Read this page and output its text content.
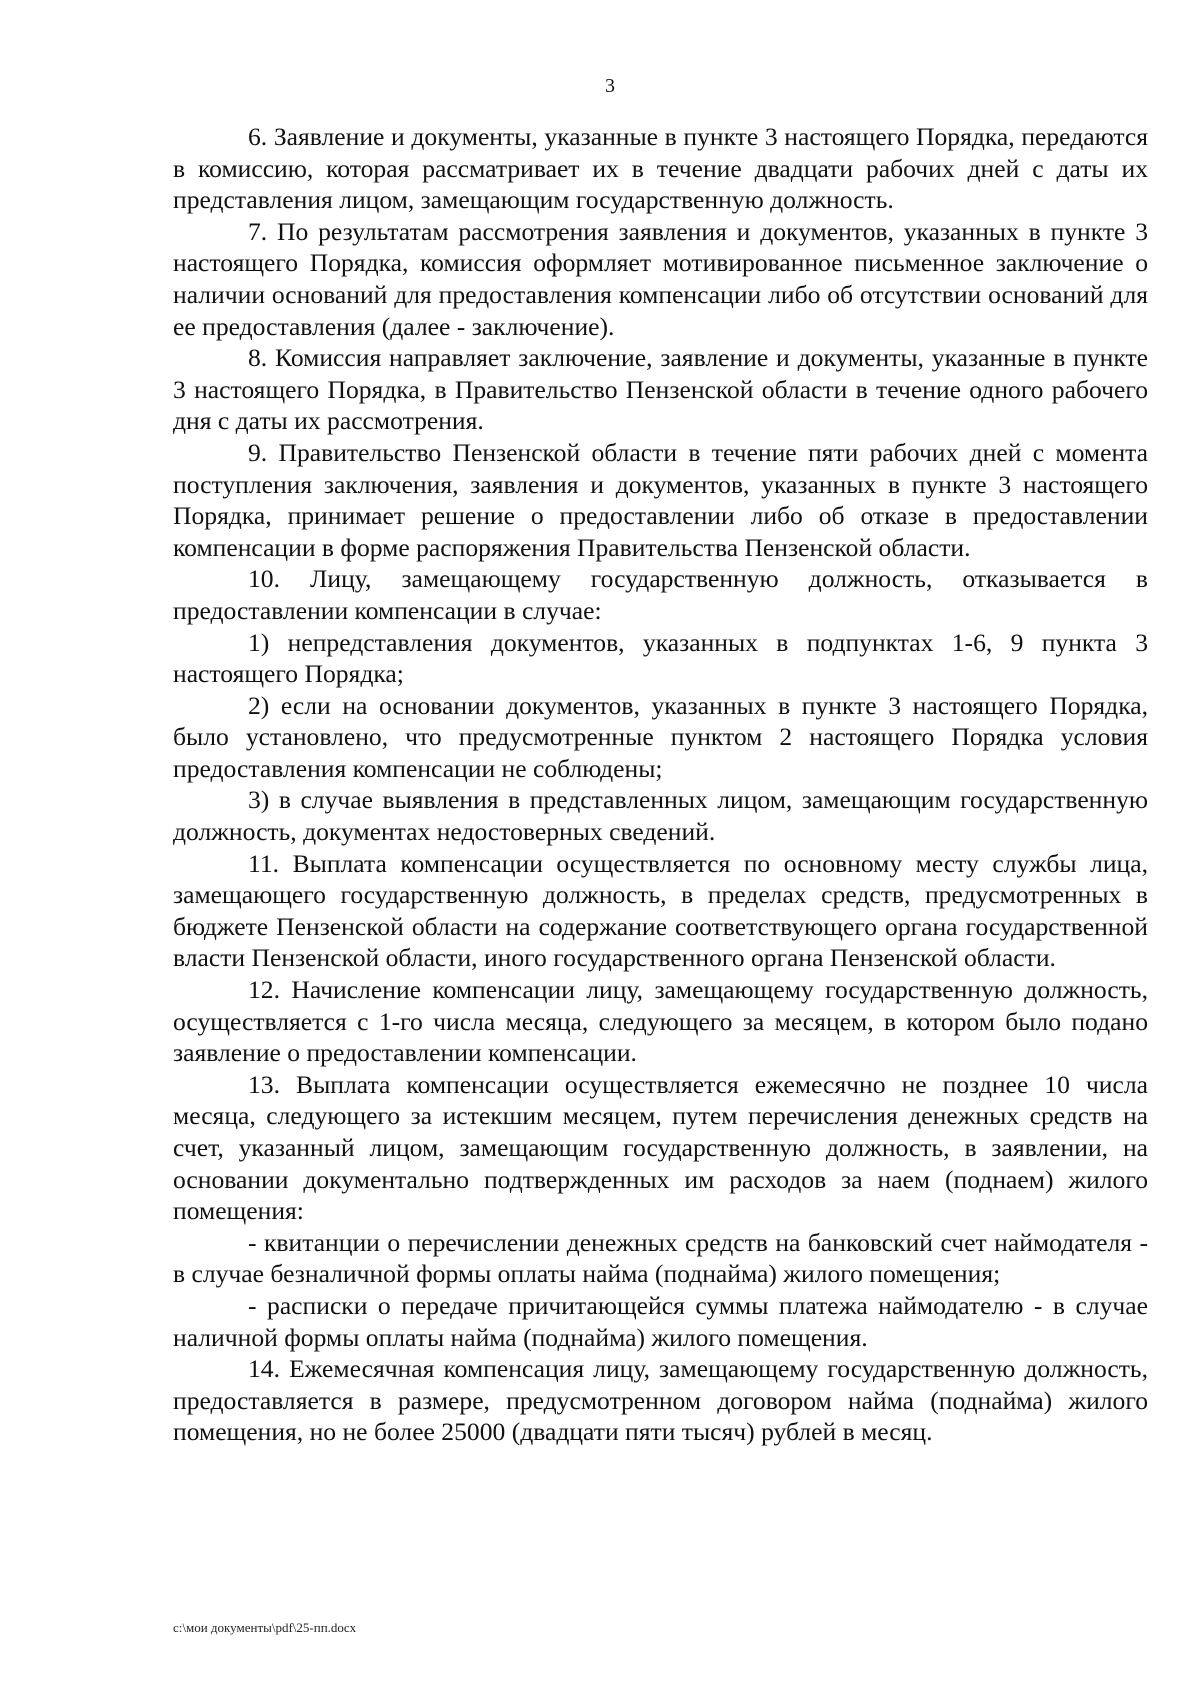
3

6. Заявление и документы, указанные в пункте 3 настоящего Порядка, передаются в комиссию, которая рассматривает их в течение двадцати рабочих дней с даты их представления лицом, замещающим государственную должность.

7. По результатам рассмотрения заявления и документов, указанных в пункте 3 настоящего Порядка, комиссия оформляет мотивированное письменное заключение о наличии оснований для предоставления компенсации либо об отсутствии оснований для ее предоставления (далее - заключение).

8. Комиссия направляет заключение, заявление и документы, указанные в пункте 3 настоящего Порядка, в Правительство Пензенской области в течение одного рабочего дня с даты их рассмотрения.

9. Правительство Пензенской области в течение пяти рабочих дней с момента поступления заключения, заявления и документов, указанных в пункте 3 настоящего Порядка, принимает решение о предоставлении либо об отказе в предоставлении компенсации в форме распоряжения Правительства Пензенской области.

10. Лицу, замещающему государственную должность, отказывается в предоставлении компенсации в случае:

1) непредставления документов, указанных в подпунктах 1-6, 9 пункта 3 настоящего Порядка;

2) если на основании документов, указанных в пункте 3 настоящего Порядка, было установлено, что предусмотренные пунктом 2 настоящего Порядка условия предоставления компенсации не соблюдены;

3) в случае выявления в представленных лицом, замещающим государственную должность, документах недостоверных сведений.

11. Выплата компенсации осуществляется по основному месту службы лица, замещающего государственную должность, в пределах средств, предусмотренных в бюджете Пензенской области на содержание соответствующего органа государственной власти Пензенской области, иного государственного органа Пензенской области.

12. Начисление компенсации лицу, замещающему государственную должность, осуществляется с 1-го числа месяца, следующего за месяцем, в котором было подано заявление о предоставлении компенсации.

13. Выплата компенсации осуществляется ежемесячно не позднее 10 числа месяца, следующего за истекшим месяцем, путем перечисления денежных средств на счет, указанный лицом, замещающим государственную должность, в заявлении, на основании документально подтвержденных им расходов за наем (поднаем) жилого помещения:

- квитанции о перечислении денежных средств на банковский счет наймодателя - в случае безналичной формы оплаты найма (поднайма) жилого помещения;

- расписки о передаче причитающейся суммы платежа наймодателю - в случае наличной формы оплаты найма (поднайма) жилого помещения.

14. Ежемесячная компенсация лицу, замещающему государственную должность, предоставляется в размере, предусмотренном договором найма (поднайма) жилого помещения, но не более 25000 (двадцати пяти тысяч) рублей в месяц.

c:\мои документы\pdf\25-пп.docx
